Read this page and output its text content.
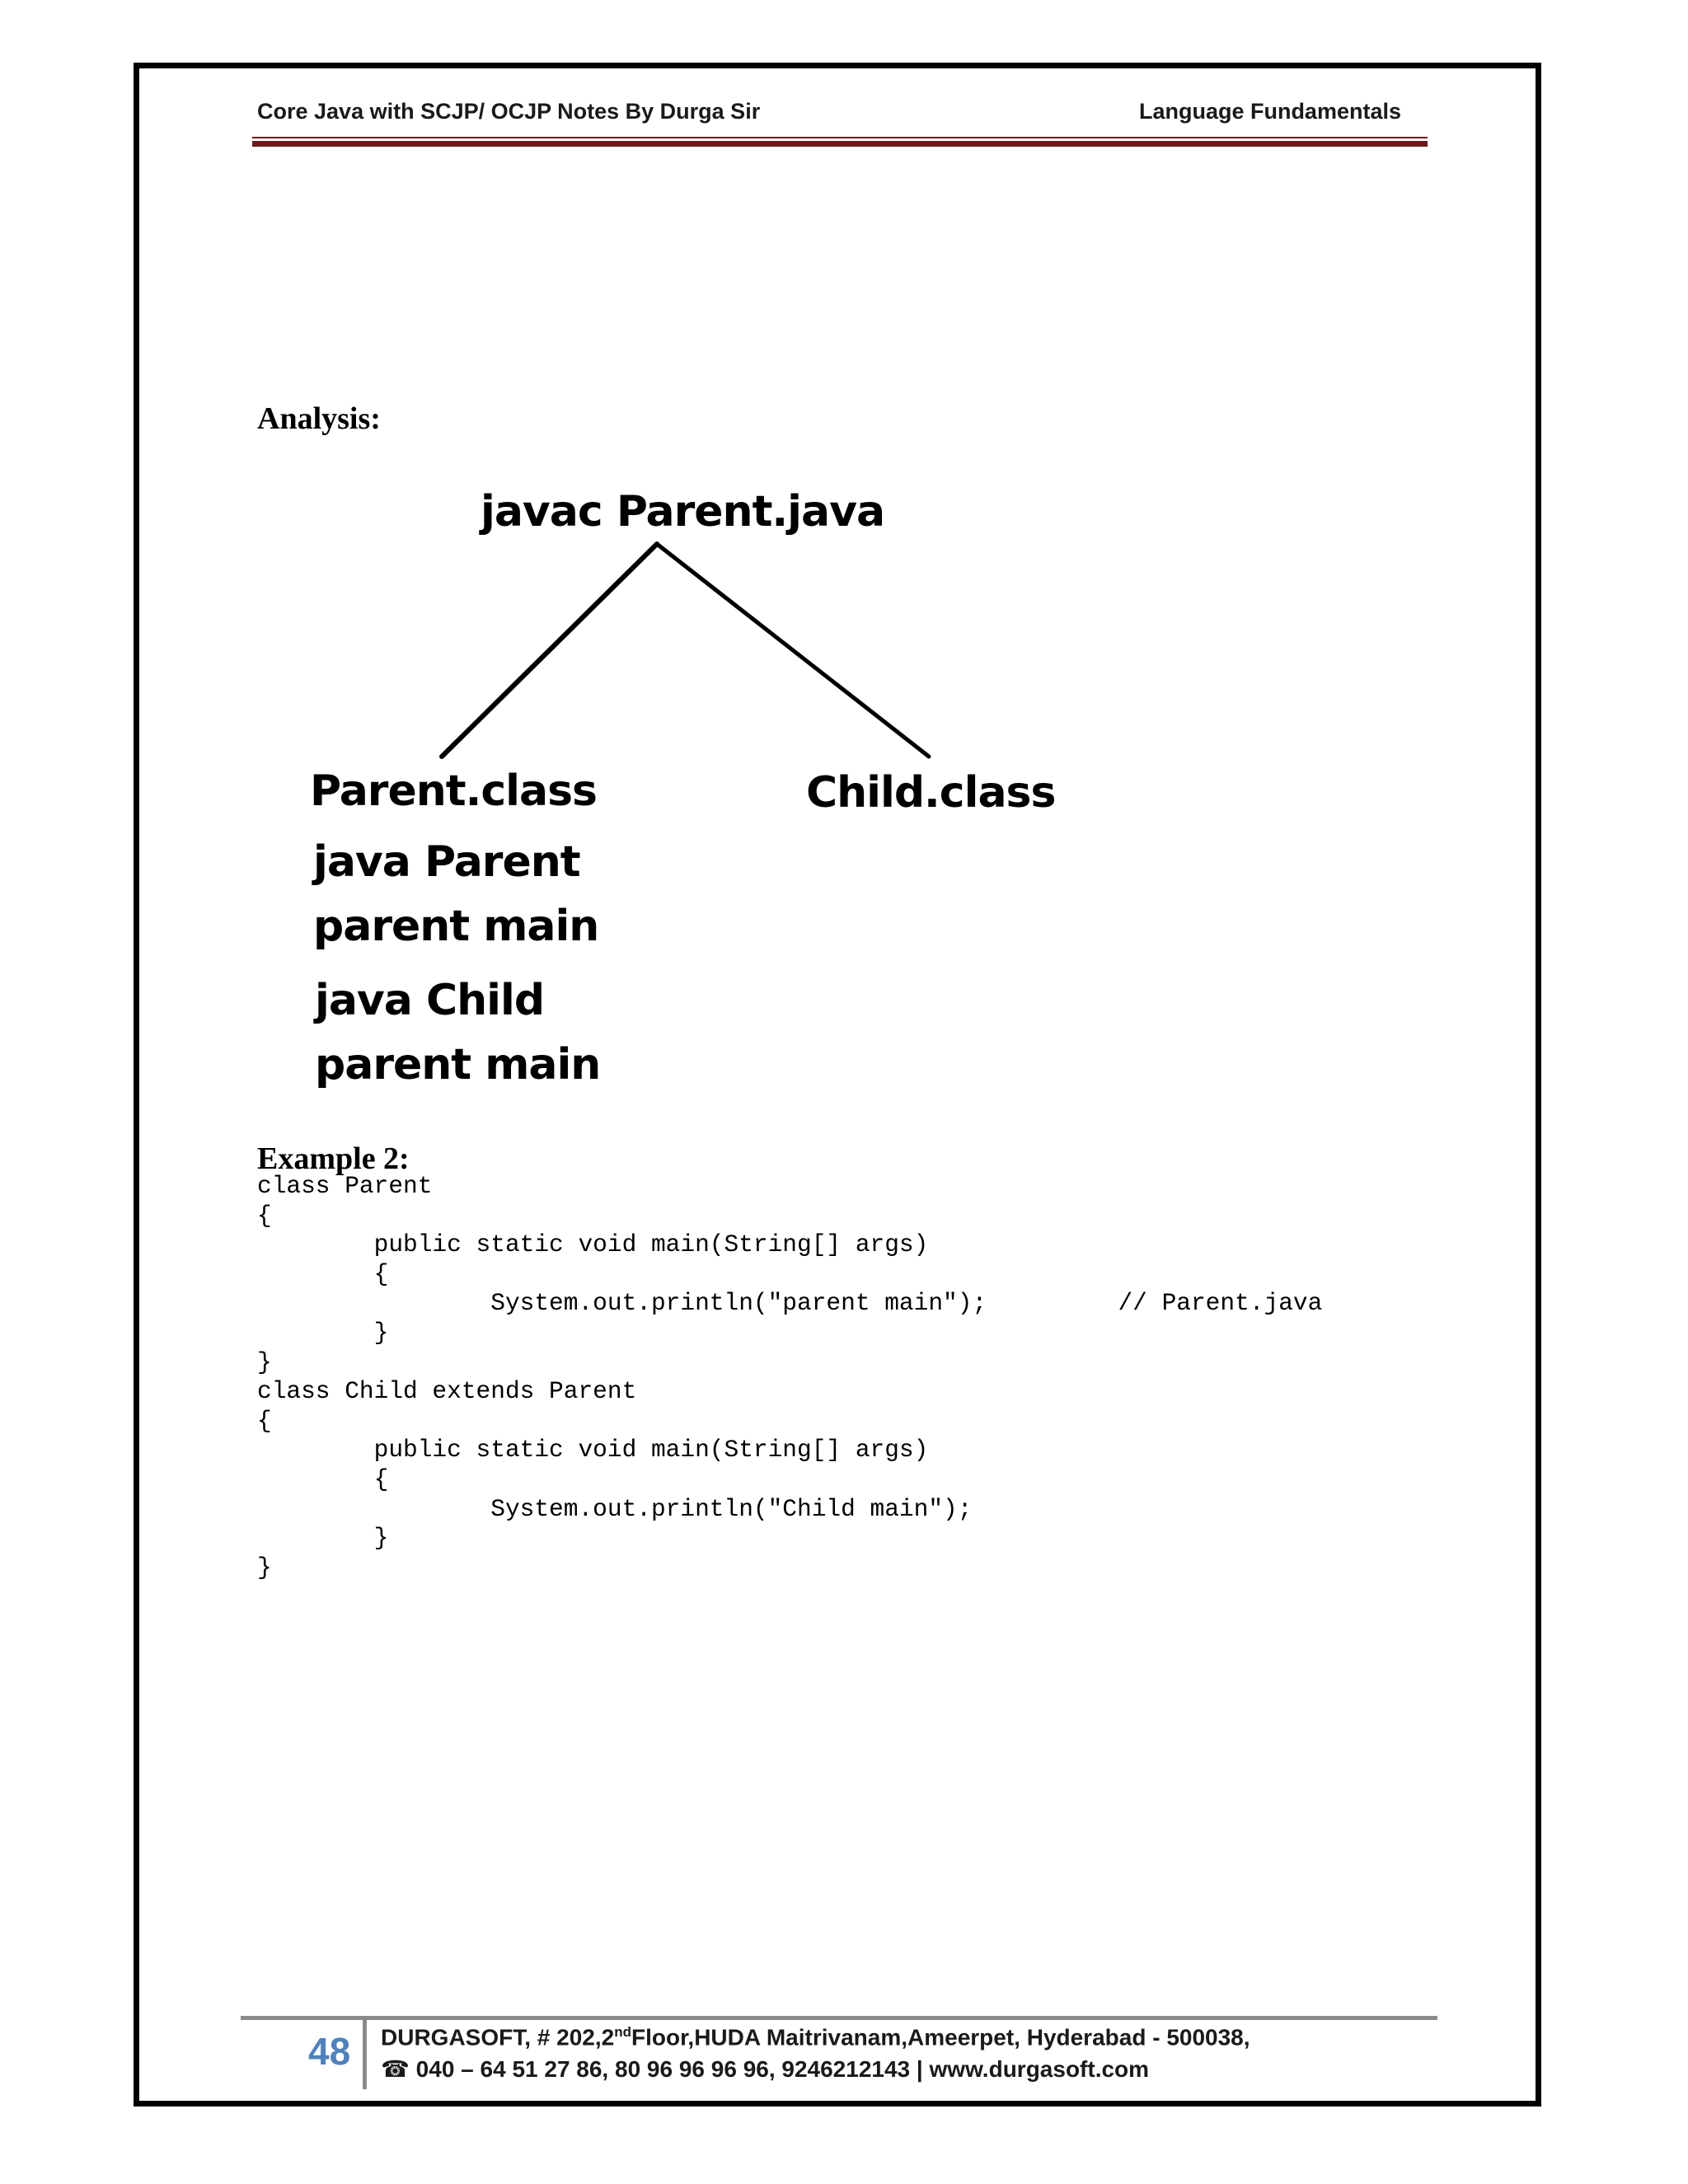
Core Java with SCJP/ OCJP Notes By Durga Sir	Language Fundamentals
Analysis:
javac Parent.java
Parent.class	Child.class
java Parent
parent main
java Child
parent main
Example 2:
class Parent
{
public static void main(String[] args)
{
System.out.println("parent main");         // Parent.java
}
}
class Child extends Parent
{
public static void main(String[] args)
{
System.out.println("Child main");
}
}
48 DURGASOFT, # 202,2ndFloor,HUDA Maitrivanam,Ameerpet, Hyderabad - 500038,
☎ 040 – 64 51 27 86, 80 96 96 96 96, 9246212143 | www.durgasoft.com
